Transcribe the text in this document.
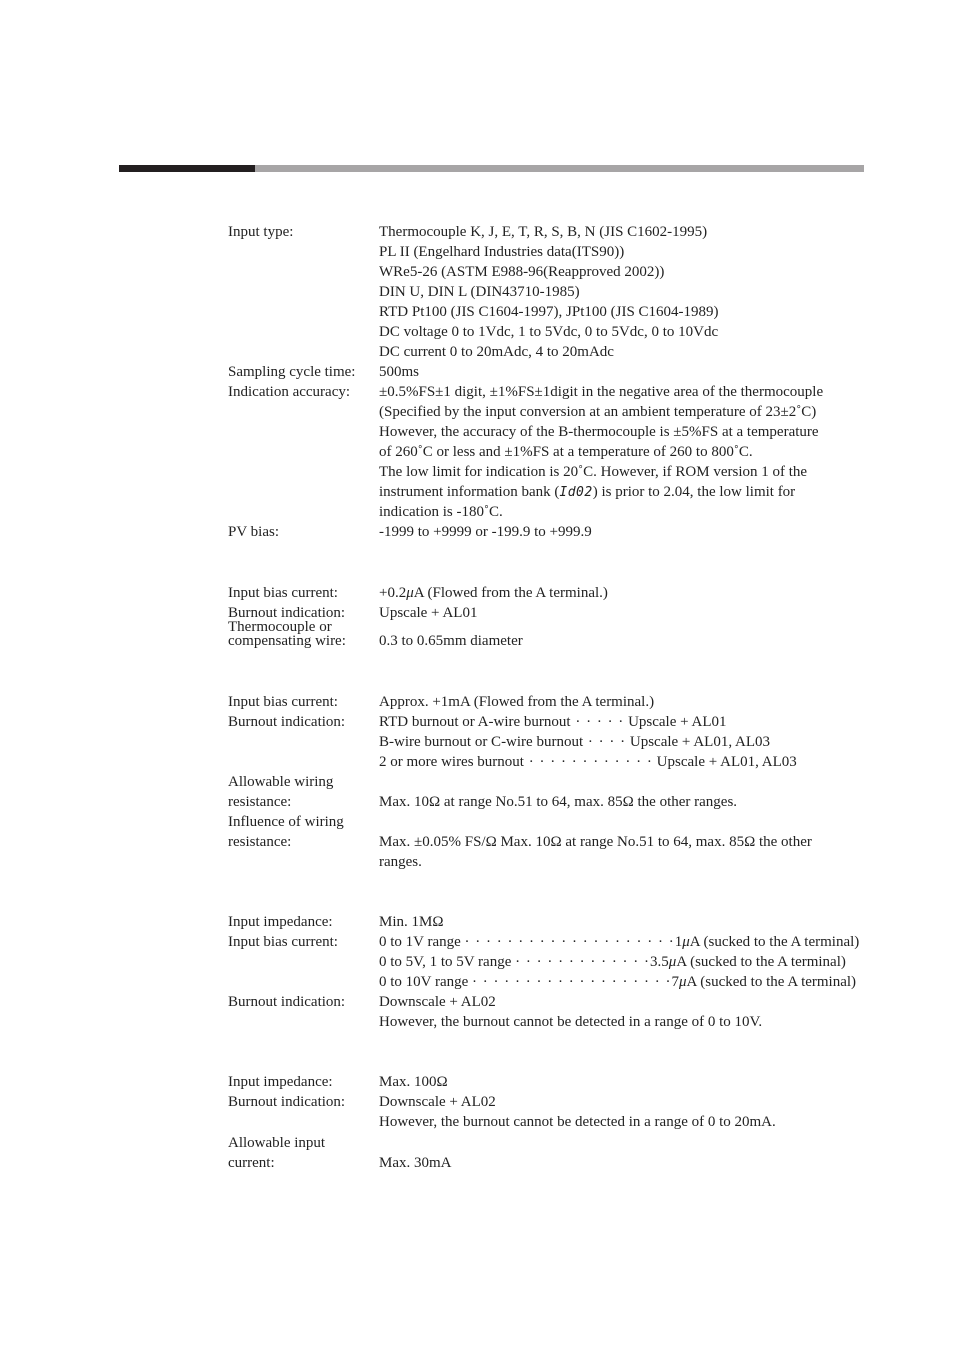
Input type:	Thermocouple K, J, E, T, R, S, B, N (JIS C1602-1995)
PL II (Engelhard Industries data(ITS90))
WRe5-26 (ASTM E988-96(Reapproved 2002))
DIN U, DIN L (DIN43710-1985)
RTD Pt100 (JIS C1604-1997), JPt100 (JIS C1604-1989)
DC voltage 0 to 1Vdc, 1 to 5Vdc, 0 to 5Vdc, 0 to 10Vdc
DC current 0 to 20mAdc, 4 to 20mAdc
Sampling cycle time: 500ms
Indication accuracy: ±0.5%FS±1 digit, ±1%FS±1digit in the negative area of the thermocouple
(Specified by the input conversion at an ambient temperature of 23±2˚C)
However, the accuracy of the B-thermocouple is ±5%FS at a temperature
of 260˚C or less and ±1%FS at a temperature of 260 to 800˚C.
The low limit for indication is 20˚C. However, if ROM version 1 of the
instrument information bank (Id02) is prior to 2.04, the low limit for
indication is -180˚C.
PV bias:	-1999 to +9999 or -199.9 to +999.9
Input bias current:	+0.2μA (Flowed from the A terminal.)
Burnout indication: Upscale + AL01
Thermocouple or
compensating wire: 0.3 to 0.65mm diameter
Input bias current:	Approx. +1mA (Flowed from the A terminal.)
Burnout indication: RTD burnout or A-wire burnout · · · · · Upscale + AL01
B-wire burnout or C-wire burnout · · · · Upscale + AL01, AL03
2 or more wires burnout · · · · · · · · · · · · Upscale + AL01, AL03
Allowable wiring
resistance:	Max. 10Ω at range No.51 to 64, max. 85Ω the other ranges.
Influence of wiring
resistance:	Max. ±0.05% FS/Ω Max. 10Ω at range No.51 to 64, max. 85Ω the other
ranges.
Input impedance:	Min. 1MΩ
Input bias current:	0 to 1V range · · · · · · · · · · · · · · · · · · · ·1μA (sucked to the A terminal)
0 to 5V, 1 to 5V range · · · · · · · · · · · · ·3.5μA (sucked to the A terminal)
0 to 10V range · · · · · · · · · · · · · · · · · · ·7μA (sucked to the A terminal)
Burnout indication: Downscale + AL02
However, the burnout cannot be detected in a range of 0 to 10V.
Input impedance:	Max. 100Ω
Burnout indication: Downscale + AL02
However, the burnout cannot be detected in a range of 0 to 20mA.
Allowable input
current:	Max. 30mA
